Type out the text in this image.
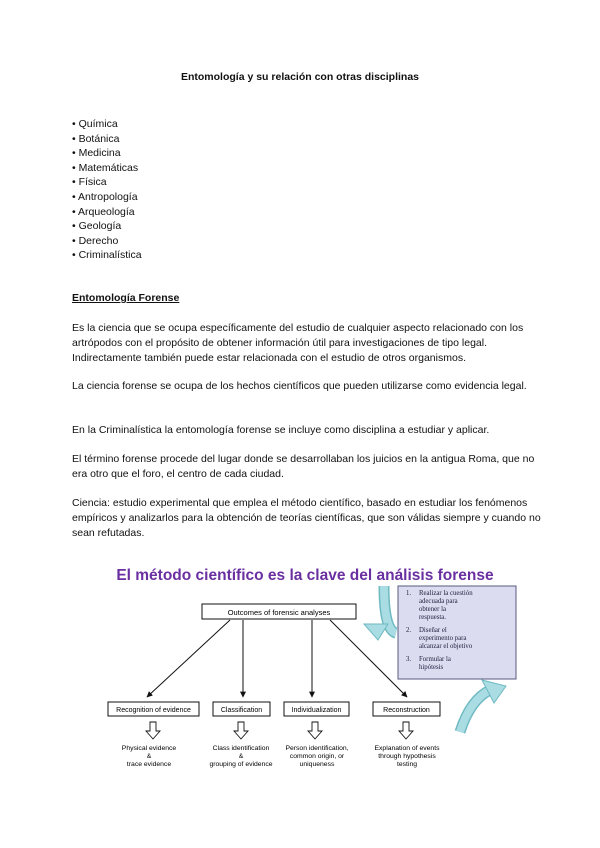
Entomología y su relación con otras disciplinas
• Química
• Botánica
• Medicina
• Matemáticas
• Física
• Antropología
• Arqueología
• Geología
• Derecho
• Criminalística
Entomología Forense

Es la ciencia que se ocupa específicamente del estudio de cualquier aspecto relacionado con los artrópodos con el propósito de obtener información útil para investigaciones de tipo legal. Indirectamente también puede estar relacionada con el estudio de otros organismos.

La ciencia forense se ocupa de los hechos científicos que pueden utilizarse como evidencia legal.

En la Criminalística la entomología forense se incluye como disciplina a estudiar y aplicar.

El término forense procede del lugar donde se desarrollaban los juicios en la antigua Roma, que no era otro que el foro, el centro de cada ciudad.

Ciencia: estudio experimental que emplea el método científico, basado en estudiar los fenómenos empíricos y analizarlos para la obtención de teorías científicas, que son válidas siempre y cuando no sean refutadas.

El método científico es la clave del análisis forense
Outcomes of forensic analyses
Recognition of evidence	Classification	Individualization	Reconstruction
Physical evidence
&
trace evidence
Class identification
&
grouping of evidence
Person identification,
common origin, or
uniqueness
Explanation of events
through hypothesis
testing
1. Realizar la cuestión
adecuada para
obtener la
respuesta.
2. Diseñar el
experimento para
alcanzar el objetivo
3. Formular la
hipótesis
